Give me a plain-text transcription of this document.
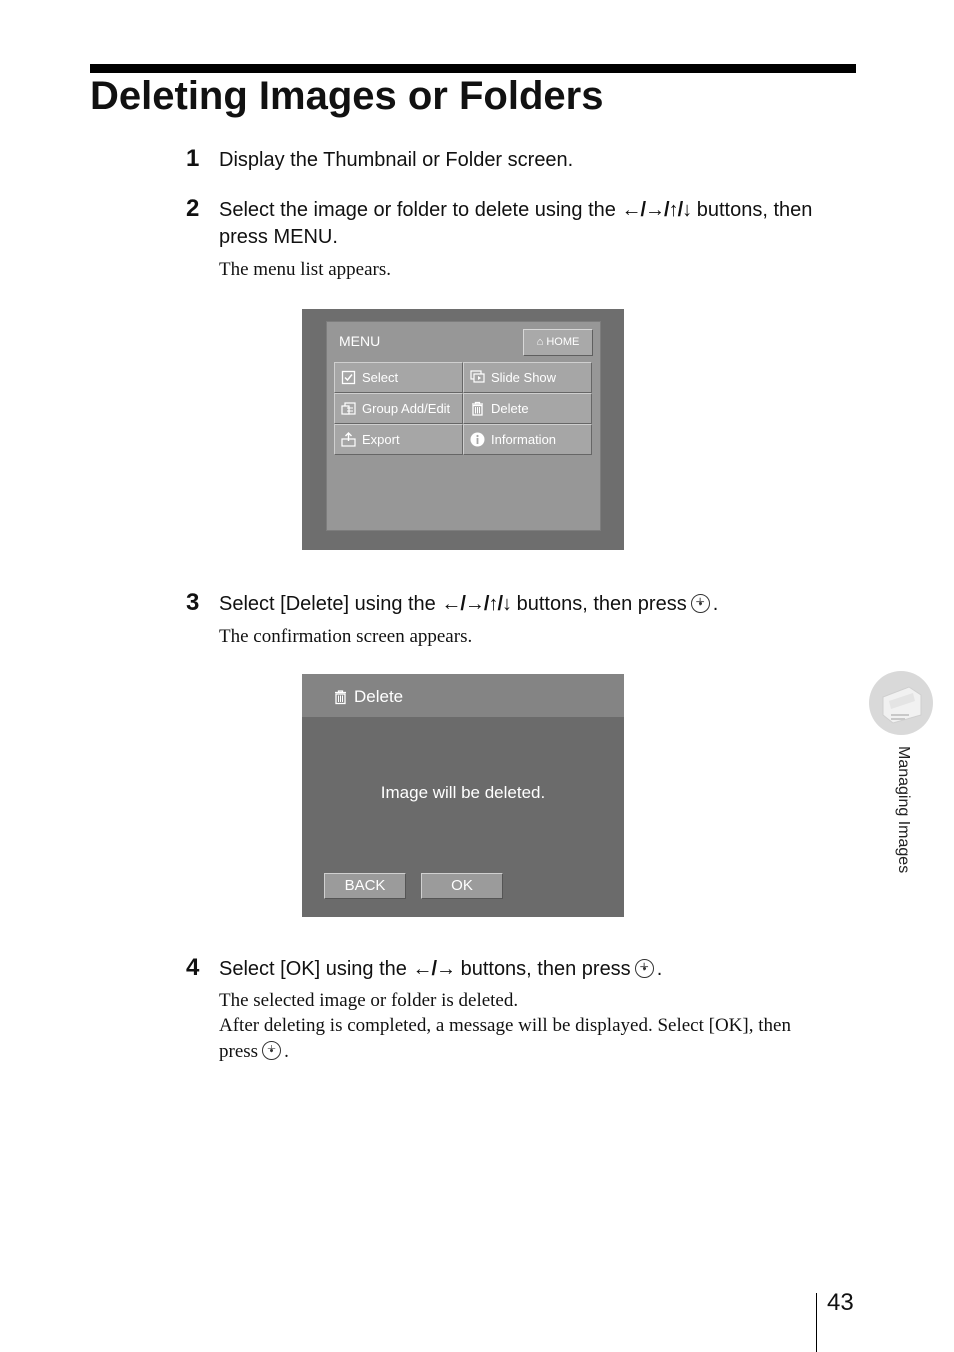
Deleting Images or Folders
1 Display the Thumbnail or Folder screen.
2 Select the image or folder to delete using the ←/→/↑/↓ buttons, then press MENU.
The menu list appears.
MENU	⌂ HOME
Select	Slide Show
Group Add/Edit	Delete
Export	Information
3 Select [Delete] using the ←/→/↑/↓ buttons, then press + .
The confirmation screen appears.
Delete
Image will be deleted.
BACK	OK
4 Select [OK] using the ←/→ buttons, then press + .
The selected image or folder is deleted.
After deleting is completed, a message will be displayed. Select [OK], then
press + .
Managing Images
43
